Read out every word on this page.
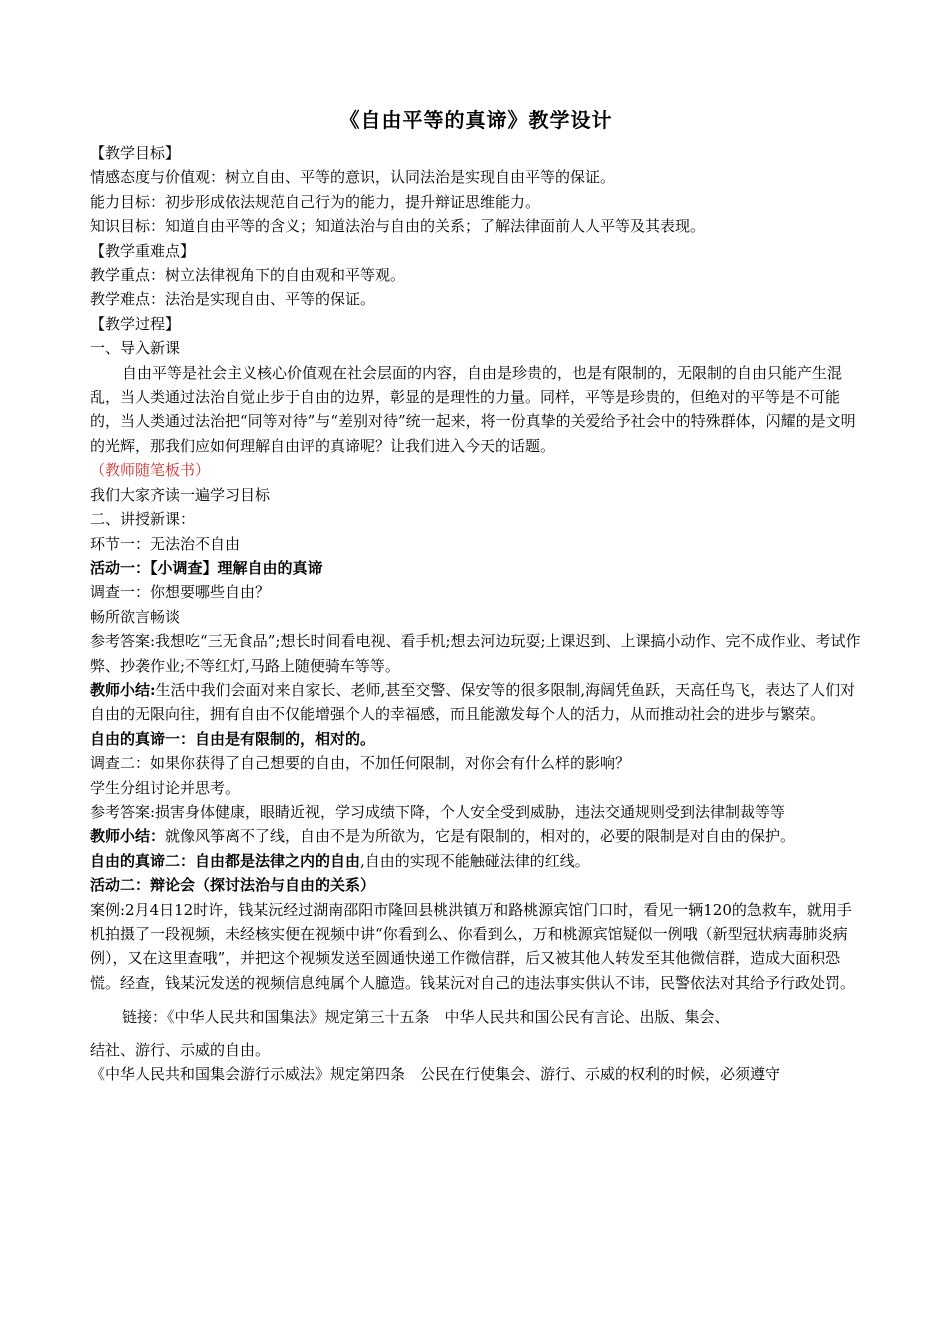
《自由平等的真谛》教学设计

【教学目标】

情感态度与价值观：树立自由、平等的意识，认同法治是实现自由平等的保证。

能力目标：初步形成依法规范自己行为的能力，提升辩证思维能力。

知识目标：知道自由平等的含义；知道法治与自由的关系；了解法律面前人人平等及其表现。

【教学重难点】

教学重点：树立法律视角下的自由观和平等观。

教学难点：法治是实现自由、平等的保证。

【教学过程】

一、导入新课

自由平等是社会主义核心价值观在社会层面的内容，自由是珍贵的，也是有限制的，无限制的自由只能产生混乱，当人类通过法治自觉止步于自由的边界，彰显的是理性的力量。同样，平等是珍贵的，但绝对的平等是不可能的，当人类通过法治把“同等对待”与“差别对待”统一起来，将一份真挚的关爱给予社会中的特殊群体，闪耀的是文明的光辉，那我们应如何理解自由评的真谛呢？让我们进入今天的话题。

（教师随笔板书）

我们大家齐读一遍学习目标

二、讲授新课：

环节一：无法治不自由

活动一：【小调查】理解自由的真谛

调查一：你想要哪些自由？

畅所欲言畅谈

参考答案:我想吃“三无食品”;想长时间看电视、看手机;想去河边玩耍;上课迟到、上课搞小动作、完不成作业、考试作弊、抄袭作业;不等红灯,马路上随便骑车等等。

教师小结:生活中我们会面对来自家长、老师,甚至交警、保安等的很多限制,海阔凭鱼跃，天高任鸟飞，表达了人们对自由的无限向往，拥有自由不仅能增强个人的幸福感，而且能激发每个人的活力，从而推动社会的进步与繁荣。

自由的真谛一：自由是有限制的，相对的。

调查二：如果你获得了自己想要的自由，不加任何限制，对你会有什么样的影响？

学生分组讨论并思考。

参考答案:损害身体健康，眼睛近视，学习成绩下降，个人安全受到威胁，违法交通规则受到法律制裁等等

教师小结：就像风筝离不了线，自由不是为所欲为，它是有限制的，相对的，必要的限制是对自由的保护。

自由的真谛二：自由都是法律之内的自由,自由的实现不能触碰法律的红线。

活动二：辩论会（探讨法治与自由的关系）

案例:2月4日12时许，钱某沅经过湖南邵阳市隆回县桃洪镇万和路桃源宾馆门口时，看见一辆120的急救车，就用手机拍摄了一段视频，未经核实便在视频中讲“你看到么、你看到么，万和桃源宾馆疑似一例哦（新型冠状病毒肺炎病例），又在这里查哦”，并把这个视频发送至圆通快递工作微信群，后又被其他人转发至其他微信群，造成大面积恐慌。经查，钱某沅发送的视频信息纯属个人臆造。钱某沅对自己的违法事实供认不讳，民警依法对其给予行政处罚。

链接：《中华人民共和国集法》规定第三十五条　中华人民共和国公民有言论、出版、集会、

结社、游行、示威的自由。

《中华人民共和国集会游行示威法》规定第四条　公民在行使集会、游行、示威的权利的时候，必须遵守
